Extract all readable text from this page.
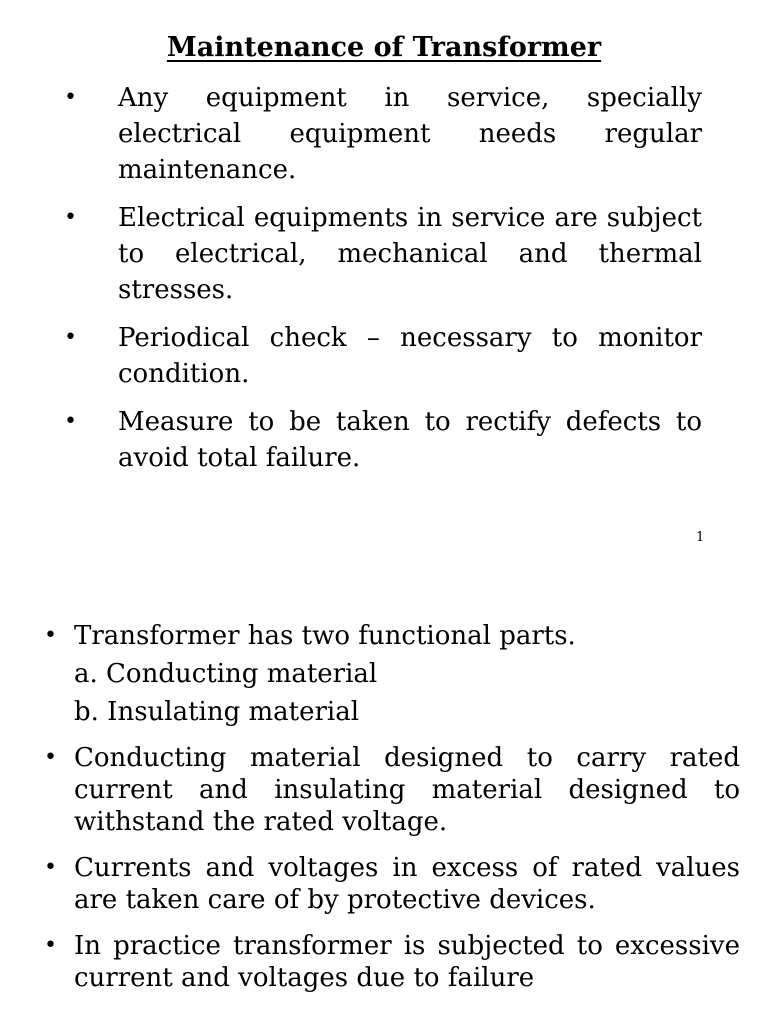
Maintenance of Transformer
• Any equipment in service, specially electrical equipment needs regular maintenance.
• Electrical equipments in service are subject to electrical, mechanical and thermal stresses.
• Periodical check – necessary to monitor condition.
• Measure to be taken to rectify defects to avoid total failure.
1
• Transformer has two functional parts.
a. Conducting material
b. Insulating material
• Conducting material designed to carry rated current and insulating material designed to withstand the rated voltage.
• Currents and voltages in excess of rated values are taken care of by protective devices.
• In practice transformer is subjected to excessive current and voltages due to failure
